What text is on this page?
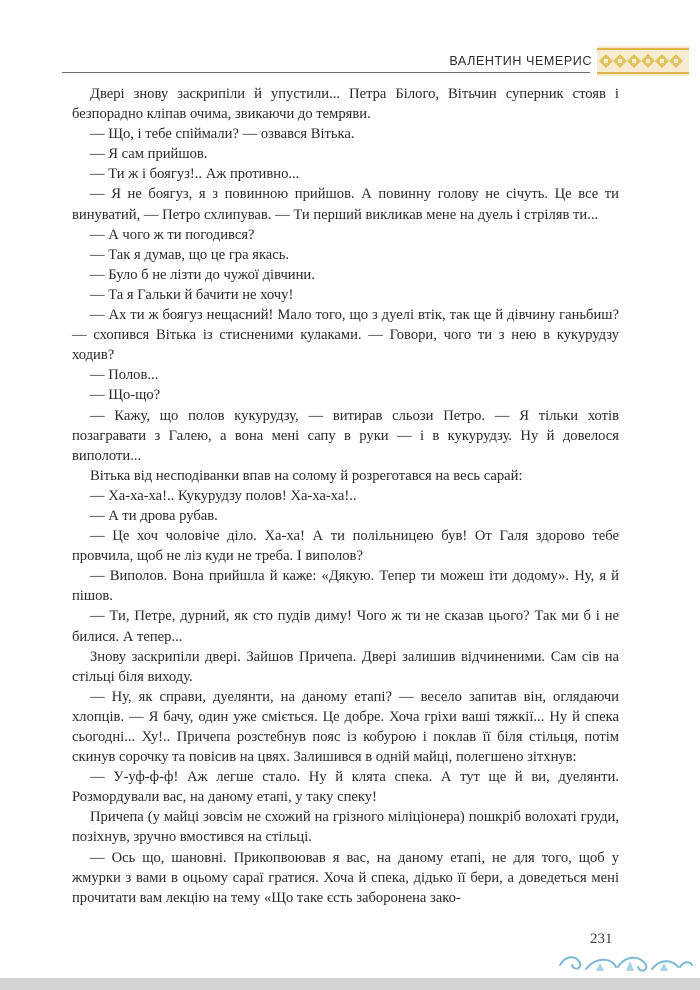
ВАЛЕНТИН ЧЕМЕРИС

Двері знову заскрипіли й упустили... Петра Білого, Вітьчин суперник стояв і безпорадно кліпав очима, звикаючи до темряви.

— Що, і тебе спіймали? — озвався Вітька.

— Я сам прийшов.

— Ти ж і боягуз!.. Аж противно...

— Я не боягуз, я з повинною прийшов. А повинну голову не січуть. Це все ти винуватий, — Петро схлипував. — Ти перший викликав мене на дуель і стріляв ти...

— А чого ж ти погодився?

— Так я думав, що це гра якась.

— Було б не лізти до чужої дівчини.

— Та я Гальки й бачити не хочу!

— Ах ти ж боягуз нещасний! Мало того, що з дуелі втік, так ще й дівчину ганьбиш? — схопився Вітька із стисненими кулаками. — Говори, чого ти з нею в кукурудзу ходив?

— Полов...

— Що-що?

— Кажу, що полов кукурудзу, — витирав сльози Петро. — Я тільки хотів позагравати з Галею, а вона мені сапу в руки — і в кукурудзу. Ну й довелося виполоти...

Вітька від несподіванки впав на солому й розреготався на весь сарай:

— Ха-ха-ха!.. Кукурудзу полов! Ха-ха-ха!..

— А ти дрова рубав.

— Це хоч чоловіче діло. Ха-ха! А ти полільницею був! От Галя здорово тебе провчила, щоб не ліз куди не треба. І виполов?

— Виполов. Вона прийшла й каже: «Дякую. Тепер ти можеш іти додому». Ну, я й пішов.

— Ти, Петре, дурний, як сто пудів диму! Чого ж ти не сказав цього? Так ми б і не билися. А тепер...

Знову заскрипіли двері. Зайшов Причепа. Двері залишив відчиненими. Сам сів на стільці біля виходу.

— Ну, як справи, дуелянти, на даному етапі? — весело запитав він, оглядаючи хлопців. — Я бачу, один уже сміється. Це добре. Хоча гріхи ваші тяжкії... Ну й спека сьогодні... Ху!.. Причепа розстебнув пояс із кобурою і поклав її біля стільця, потім скинув сорочку та повісив на цвях. Залишився в одній майці, полегшено зітхнув:

— У-уф-ф-ф! Аж легше стало. Ну й клята спека. А тут ще й ви, дуелянти. Розмордували вас, на даному етапі, у таку спеку!

Причепа (у майці зовсім не схожий на грізного міліціонера) пошкріб волохаті груди, позіхнув, зручно вмостився на стільці.

— Ось що, шановні. Прикопвоював я вас, на даному етапі, не для того, щоб у жмурки з вами в оцьому сараї гратися. Хоча й спека, дідько її бери, а доведеться мені прочитати вам лекцію на тему «Що таке єсть заборонена зако-

231
